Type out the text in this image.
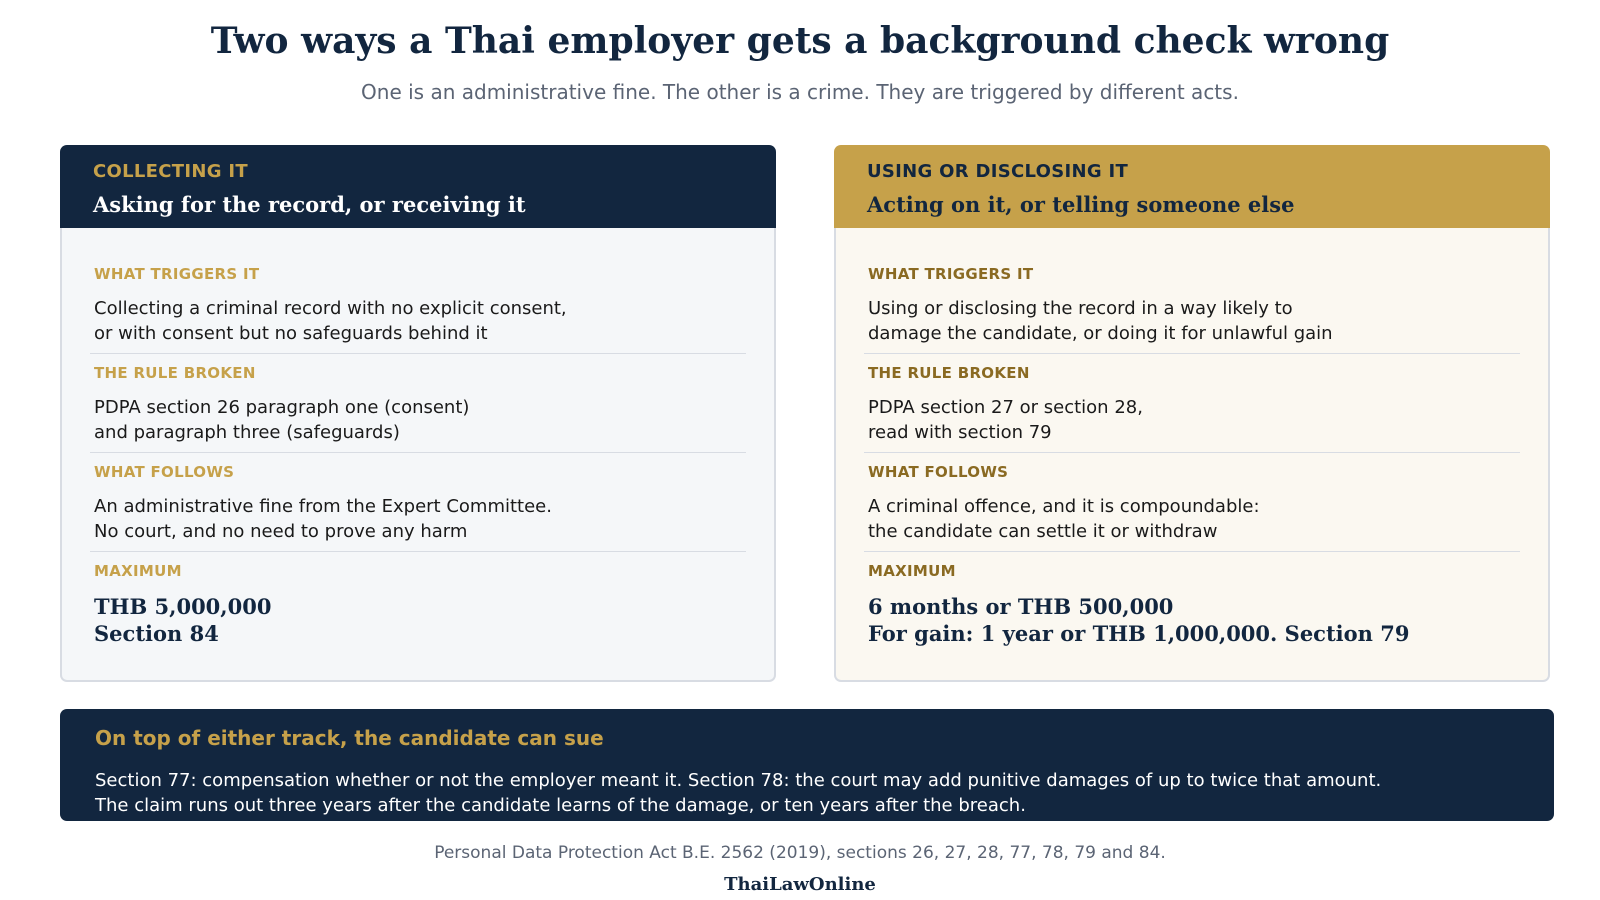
Two ways a Thai employer gets a background check wrong

One is an administrative fine. The other is a crime. They are triggered by different acts.

COLLECTING IT
Asking for the record, or receiving it
WHAT TRIGGERS IT
Collecting a criminal record with no explicit consent,
or with consent but no safeguards behind it
THE RULE BROKEN
PDPA section 26 paragraph one (consent)
and paragraph three (safeguards)
WHAT FOLLOWS
An administrative fine from the Expert Committee.
No court, and no need to prove any harm
MAXIMUM
THB 5,000,000
Section 84
USING OR DISCLOSING IT
Acting on it, or telling someone else
WHAT TRIGGERS IT
Using or disclosing the record in a way likely to
damage the candidate, or doing it for unlawful gain
THE RULE BROKEN
PDPA section 27 or section 28,
read with section 79
WHAT FOLLOWS
A criminal offence, and it is compoundable:
the candidate can settle it or withdraw
MAXIMUM
6 months or THB 500,000
For gain: 1 year or THB 1,000,000. Section 79
On top of either track, the candidate can sue
Section 77: compensation whether or not the employer meant it. Section 78: the court may add punitive damages of up to twice that amount.
The claim runs out three years after the candidate learns of the damage, or ten years after the breach.
Personal Data Protection Act B.E. 2562 (2019), sections 26, 27, 28, 77, 78, 79 and 84.
ThaiLawOnline
